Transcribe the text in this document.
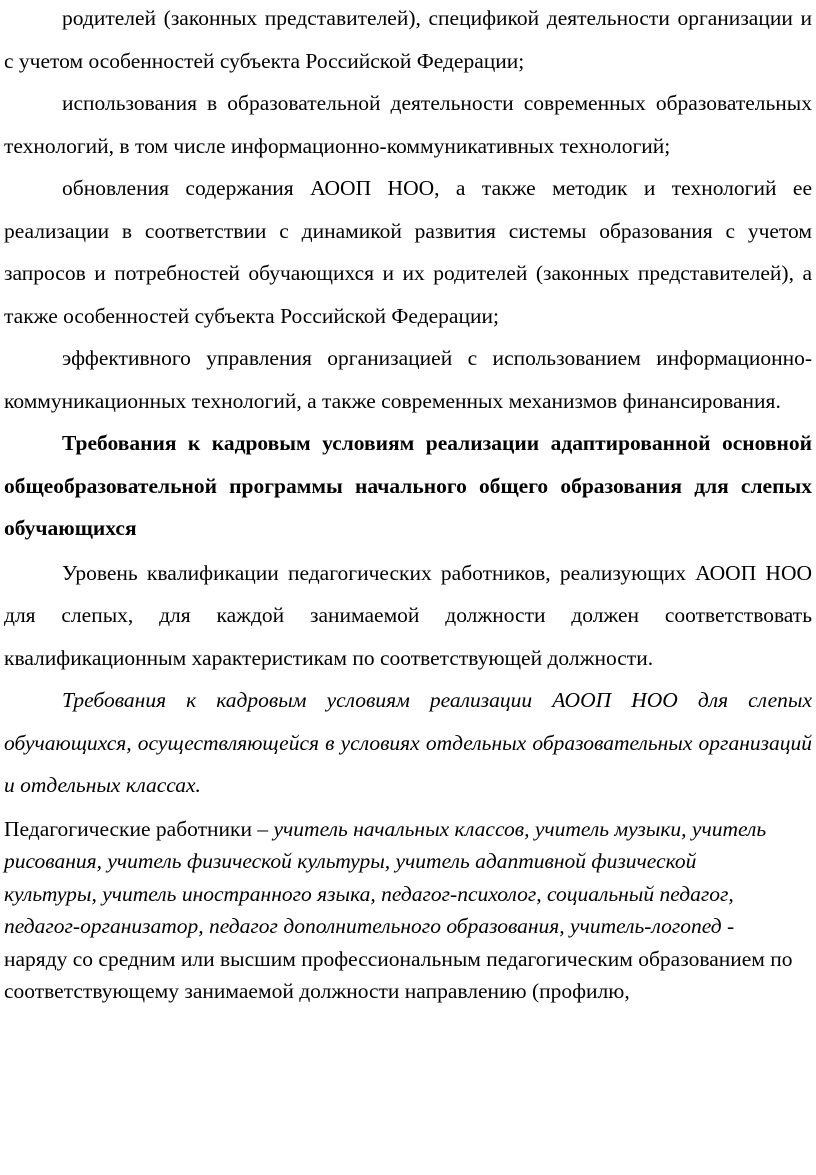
родителей (законных представителей), спецификой деятельности организации и с учетом особенностей субъекта Российской Федерации;

использования в образовательной деятельности современных образовательных технологий, в том числе информационно-коммуникативных технологий;

обновления содержания АООП НОО, а также методик и технологий ее реализации в соответствии с динамикой развития системы образования с учетом запросов и потребностей обучающихся и их родителей (законных представителей), а также особенностей субъекта Российской Федерации;

эффективного управления организацией с использованием информационно-коммуникационных технологий, а также современных механизмов финансирования.

Требования к кадровым условиям реализации адаптированной основной общеобразовательной программы начального общего образования для слепых обучающихся

Уровень квалификации педагогических работников, реализующих АООП НОО для слепых, для каждой занимаемой должности должен соответствовать квалификационным характеристикам по соответствующей должности.

Требования к кадровым условиям реализации АООП НОО для слепых обучающихся, осуществляющейся в условиях отдельных образовательных организаций и отдельных классах.

Педагогические работники – учитель начальных классов, учитель музыки, учитель рисования, учитель физической культуры, учитель адаптивной физической культуры, учитель иностранного языка, педагог-психолог, социальный педагог, педагог-организатор, педагог дополнительного образования, учитель-логопед - наряду со средним или высшим профессиональным педагогическим образованием по соответствующему занимаемой должности направлению (профилю,
